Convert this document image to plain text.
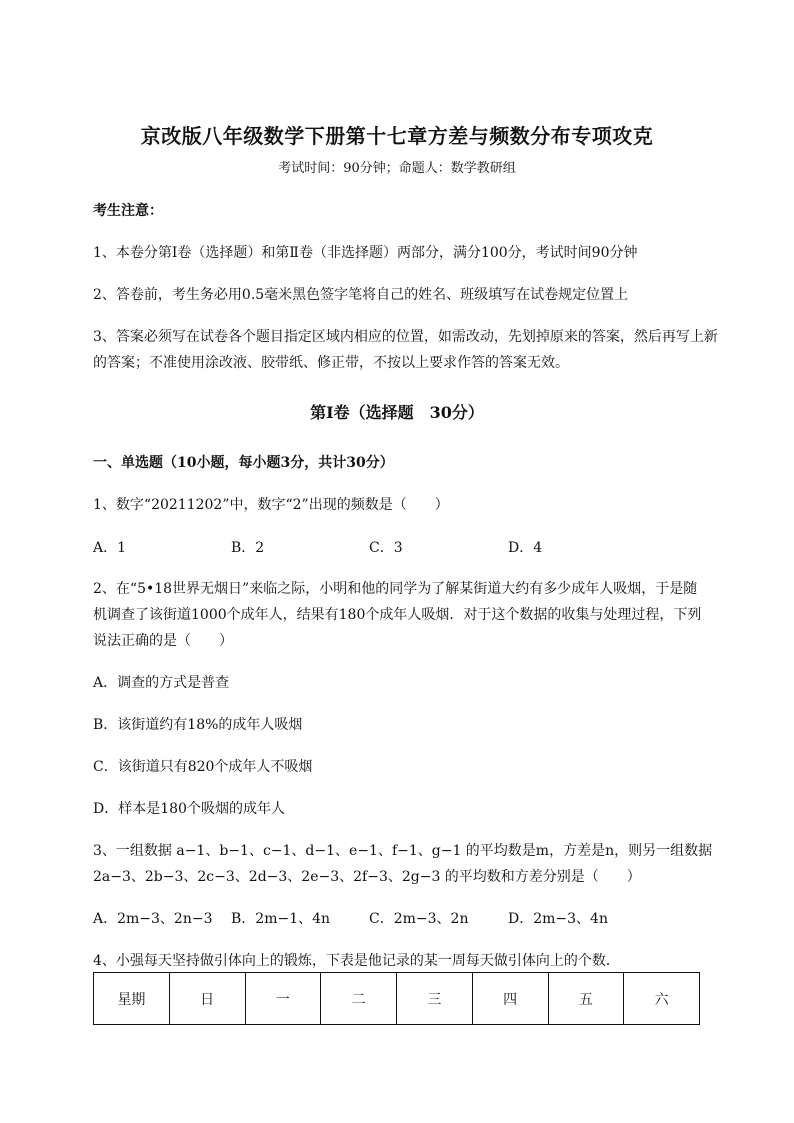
京改版八年级数学下册第十七章方差与频数分布专项攻克
考试时间：90分钟；命题人：数学教研组
考生注意：
1、本卷分第Ⅰ卷（选择题）和第Ⅱ卷（非选择题）两部分，满分100分，考试时间90分钟
2、答卷前，考生务必用0.5毫米黑色签字笔将自己的姓名、班级填写在试卷规定位置上
3、答案必须写在试卷各个题目指定区域内相应的位置，如需改动，先划掉原来的答案，然后再写上新
的答案；不准使用涂改液、胶带纸、修正带，不按以上要求作答的答案无效。
第Ⅰ卷（选择题　30分）
一、单选题（10小题，每小题3分，共计30分）
1、数字“20211202”中，数字“2”出现的频数是（　　）
A．1	B．2	C．3	D．4
2、在“5•18世界无烟日”来临之际，小明和他的同学为了解某街道大约有多少成年人吸烟，于是随
机调查了该街道1000个成年人，结果有180个成年人吸烟．对于这个数据的收集与处理过程，下列
说法正确的是（　　）
A．调查的方式是普查
B．该街道约有18%的成年人吸烟
C．该街道只有820个成年人不吸烟
D．样本是180个吸烟的成年人
3、一组数据 a−1、b−1、c−1、d−1、e−1、f−1、g−1 的平均数是m，方差是n，则另一组数据
2a−3、2b−3、2c−3、2d−3、2e−3、2f−3、2g−3 的平均数和方差分别是（　　）
A．2m−3、2n−3 B．2m−1、4n	C．2m−3、2n	D．2m−3、4n
4、小强每天坚持做引体向上的锻炼，下表是他记录的某一周每天做引体向上的个数．
星期	日	一	二	三	四	五	六
